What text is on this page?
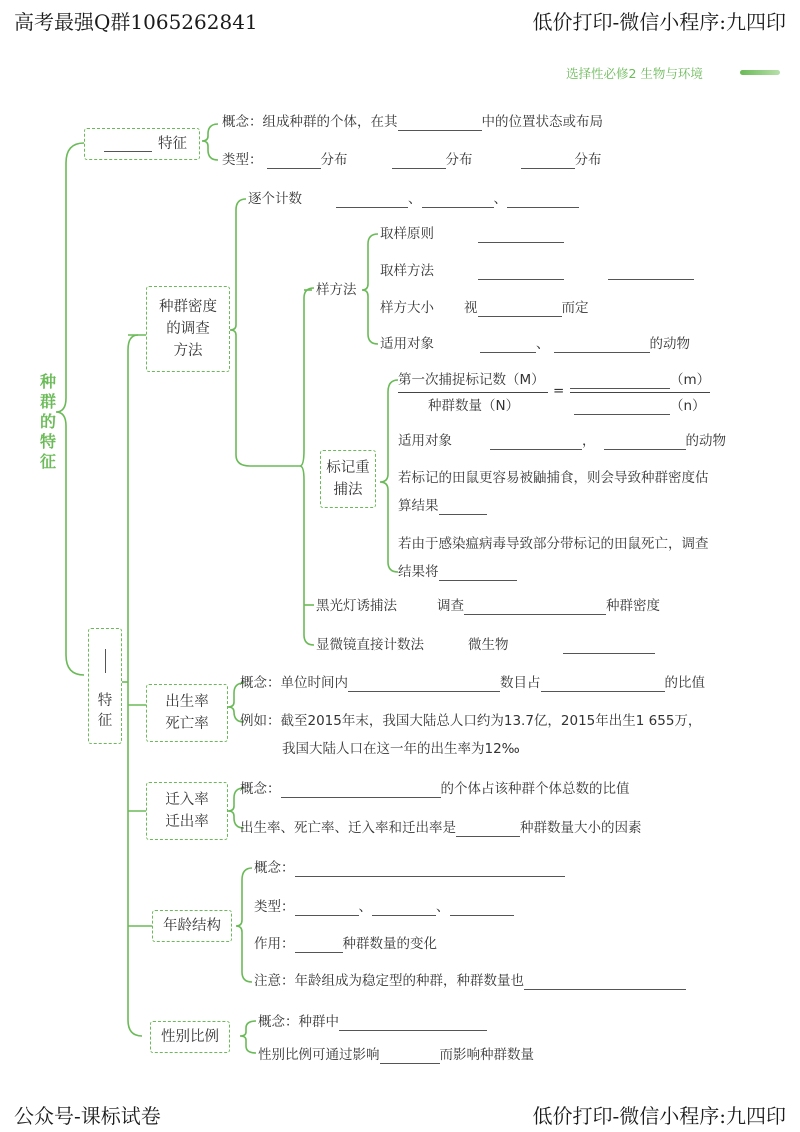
高考最强Q群1065262841	低价打印-微信小程序:九四印
公众号-课标试卷	低价打印-微信小程序:九四印
选择性必修2 生物与环境
种群的特征
特征
概念：组成种群的个体，在其	中的位置状态或布局
类型：	分布	分布	分布
特征
种群密度
的调查
方法
逐个计数	、	、
样方法
取样原则
取样方法
样方大小 视	而定
适用对象	、	的动物
标记重
捕法
第一次捕捉标记数（M）
种群数量（N）
=
（m）
（n）
适用对象	，	的动物
若标记的田鼠更容易被鼬捕食，则会导致种群密度估
算结果
若由于感染瘟病毒导致部分带标记的田鼠死亡，调查
结果将
黑光灯诱捕法	调查	种群密度
显微镜直接计数法	微生物
出生率
死亡率
概念：单位时间内	数目占	的比值
例如：截至2015年末，我国大陆总人口约为13.7亿，2015年出生1 655万，
我国大陆人口在这一年的出生率为12‰
迁入率
迁出率
概念：	的个体占该种群个体总数的比值
出生率、死亡率、迁入率和迁出率是	种群数量大小的因素
年龄结构
概念：
类型：	、	、
作用：	种群数量的变化
注意：年龄组成为稳定型的种群，种群数量也
性别比例
概念：种群中
性别比例可通过影响	而影响种群数量
